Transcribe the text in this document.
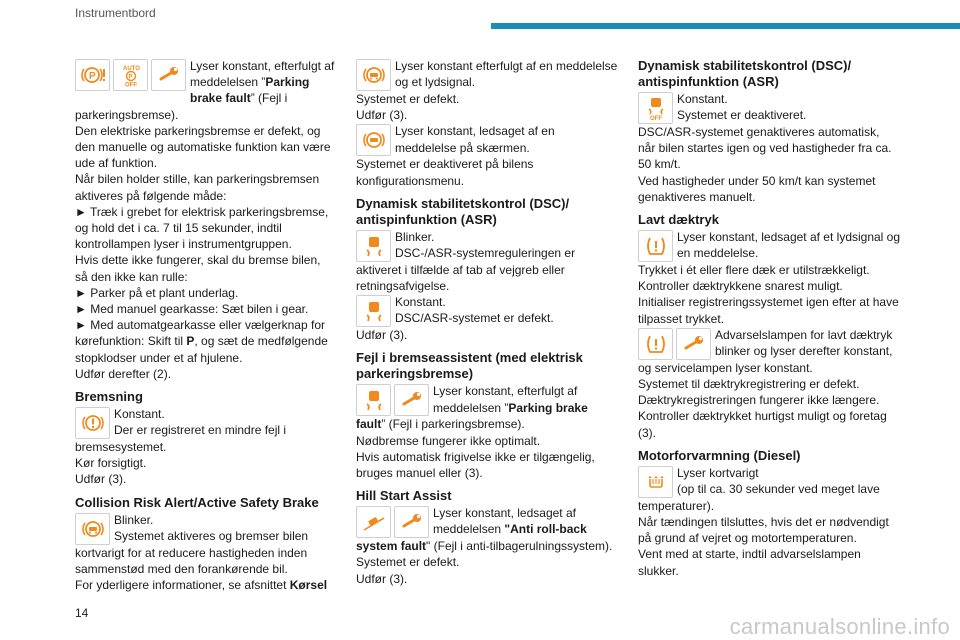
Instrumentbord
P
AUTO
P
OFF
Lyser konstant, efterfulgt af meddelelsen ”Parking brake fault” (Fejl i parkeringsbremse).

Den elektriske parkeringsbremse er defekt, og

den manuelle og automatiske funktion kan være

ude af funktion.

Når bilen holder stille, kan parkeringsbremsen

aktiveres på følgende måde:

► Træk i grebet for elektrisk parkeringsbremse,

og hold det i ca. 7 til 15 sekunder, indtil

kontrollampen lyser i instrumentgruppen.

Hvis dette ikke fungerer, skal du bremse bilen,

så den ikke kan rulle:

► Parker på et plant underlag.

► Med manuel gearkasse: Sæt bilen i gear.

► Med automatgearkasse eller vælgerknap for

kørefunktion: Skift til P, og sæt de medfølgende

stopklodser under et af hjulene.

Udfør derefter (2).

Bremsning

Konstant.

Der er registreret en mindre fejl i

bremsesystemet.

Kør forsigtigt.

Udfør (3).

Collision Risk Alert/Active Safety Brake

Blinker.

Systemet aktiveres og bremser bilen

kortvarigt for at reducere hastigheden inden

sammenstød med den forankørende bil.

For yderligere informationer, se afsnittet Kørsel

Lyser konstant efterfulgt af en meddelelse

og et lydsignal.

Systemet er defekt.

Udfør (3).

Lyser konstant, ledsaget af en

meddelelse på skærmen.

Systemet er deaktiveret på bilens

konfigurationsmenu.

Dynamisk stabilitetskontrol (DSC)/ antispinfunktion (ASR)

Blinker.

DSC-/ASR-systemreguleringen er

aktiveret i tilfælde af tab af vejgreb eller

retningsafvigelse.

Konstant.

DSC/ASR-systemet er defekt.

Udfør (3).

Fejl i bremseassistent (med elektrisk parkeringsbremse)

Lyser konstant, efterfulgt af

meddelelsen ”Parking brake

fault” (Fejl i parkeringsbremse).

Nødbremse fungerer ikke optimalt.

Hvis automatisk frigivelse ikke er tilgængelig,

bruges manuel eller (3).

Hill Start Assist

Lyser konstant, ledsaget af

meddelelsen "Anti roll-back

system fault" (Fejl i anti-tilbagerulningssystem).

Systemet er defekt.

Udfør (3).

Dynamisk stabilitetskontrol (DSC)/ antispinfunktion (ASR)
OFF

Konstant.

Systemet er deaktiveret.

DSC/ASR-systemet genaktiveres automatisk,

når bilen startes igen og ved hastigheder fra ca.

50 km/t.

Ved hastigheder under 50 km/t kan systemet

genaktiveres manuelt.

Lavt dæktryk

Lyser konstant, ledsaget af et lydsignal og

en meddelelse.

Trykket i ét eller flere dæk er utilstrækkeligt.

Kontroller dæktrykkene snarest muligt.

Initialiser registreringssystemet igen efter at have

tilpasset trykket.

Advarselslampen for lavt dæktryk

blinker og lyser derefter konstant,

og servicelampen lyser konstant.

Systemet til dæktrykregistrering er defekt.

Dæktrykregistreringen fungerer ikke længere.

Kontroller dæktrykket hurtigst muligt og foretag

(3).

Motorforvarmning (Diesel)

Lyser kortvarigt

(op til ca. 30 sekunder ved meget lave

temperaturer).

Når tændingen tilsluttes, hvis det er nødvendigt

på grund af vejret og motortemperaturen.

Vent med at starte, indtil advarselslampen

slukker.

14
carmanualsonline.info
